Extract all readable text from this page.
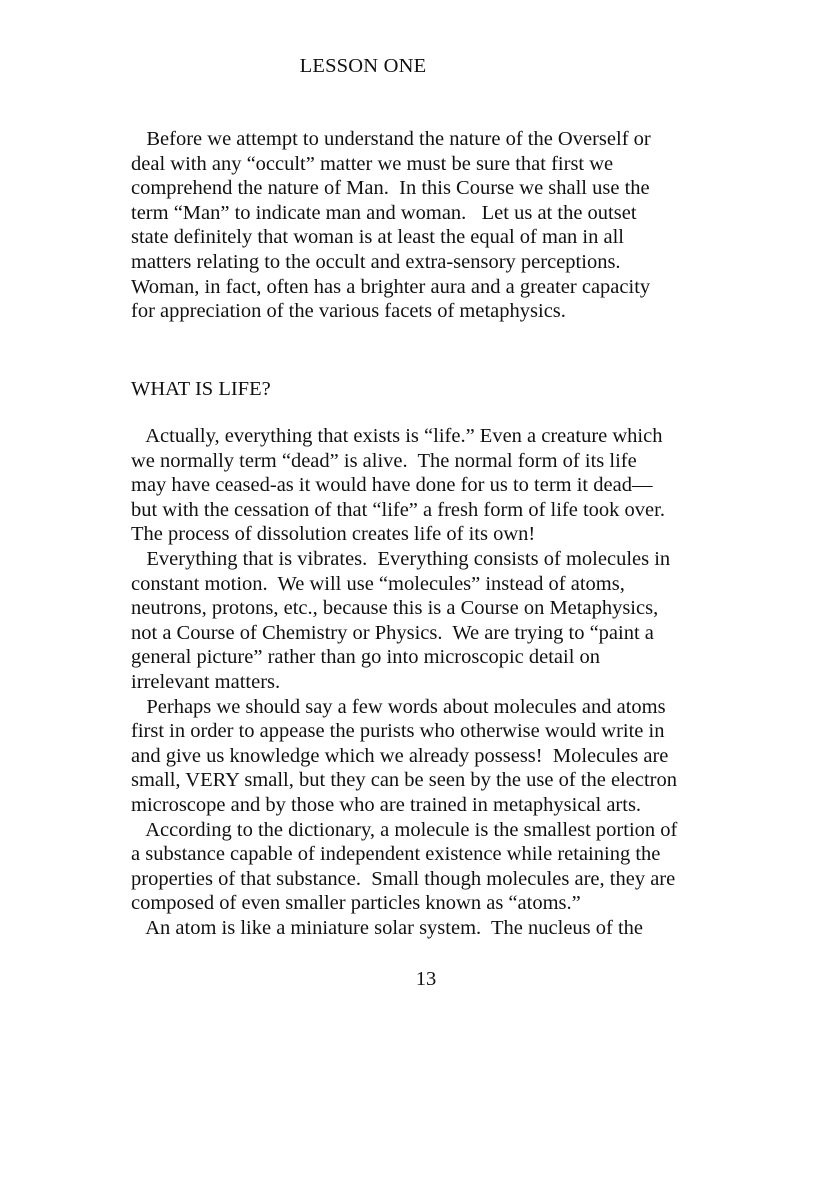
LESSON ONE
Before we attempt to understand the nature of the Overself or
deal with any “occult” matter we must be sure that first we
comprehend the nature of Man.  In this Course we shall use the
term “Man” to indicate man and woman.   Let us at the outset
state definitely that woman is at least the equal of man in all
matters relating to the occult and extra-sensory perceptions.
Woman, in fact, often has a brighter aura and a greater capacity
for appreciation of the various facets of metaphysics.
WHAT IS LIFE?
Actually, everything that exists is “life.” Even a creature which
we normally term “dead” is alive.  The normal form of its life
may have ceased-as it would have done for us to term it dead—
but with the cessation of that “life” a fresh form of life took over.
The process of dissolution creates life of its own!
Everything that is vibrates.  Everything consists of molecules in
constant motion.  We will use “molecules” instead of atoms,
neutrons, protons, etc., because this is a Course on Metaphysics,
not a Course of Chemistry or Physics.  We are trying to “paint a
general picture” rather than go into microscopic detail on
irrelevant matters.
Perhaps we should say a few words about molecules and atoms
first in order to appease the purists who otherwise would write in
and give us knowledge which we already possess!  Molecules are
small, VERY small, but they can be seen by the use of the electron
microscope and by those who are trained in metaphysical arts.
According to the dictionary, a molecule is the smallest portion of
a substance capable of independent existence while retaining the
properties of that substance.  Small though molecules are, they are
composed of even smaller particles known as “atoms.”
An atom is like a miniature solar system.  The nucleus of the
13
